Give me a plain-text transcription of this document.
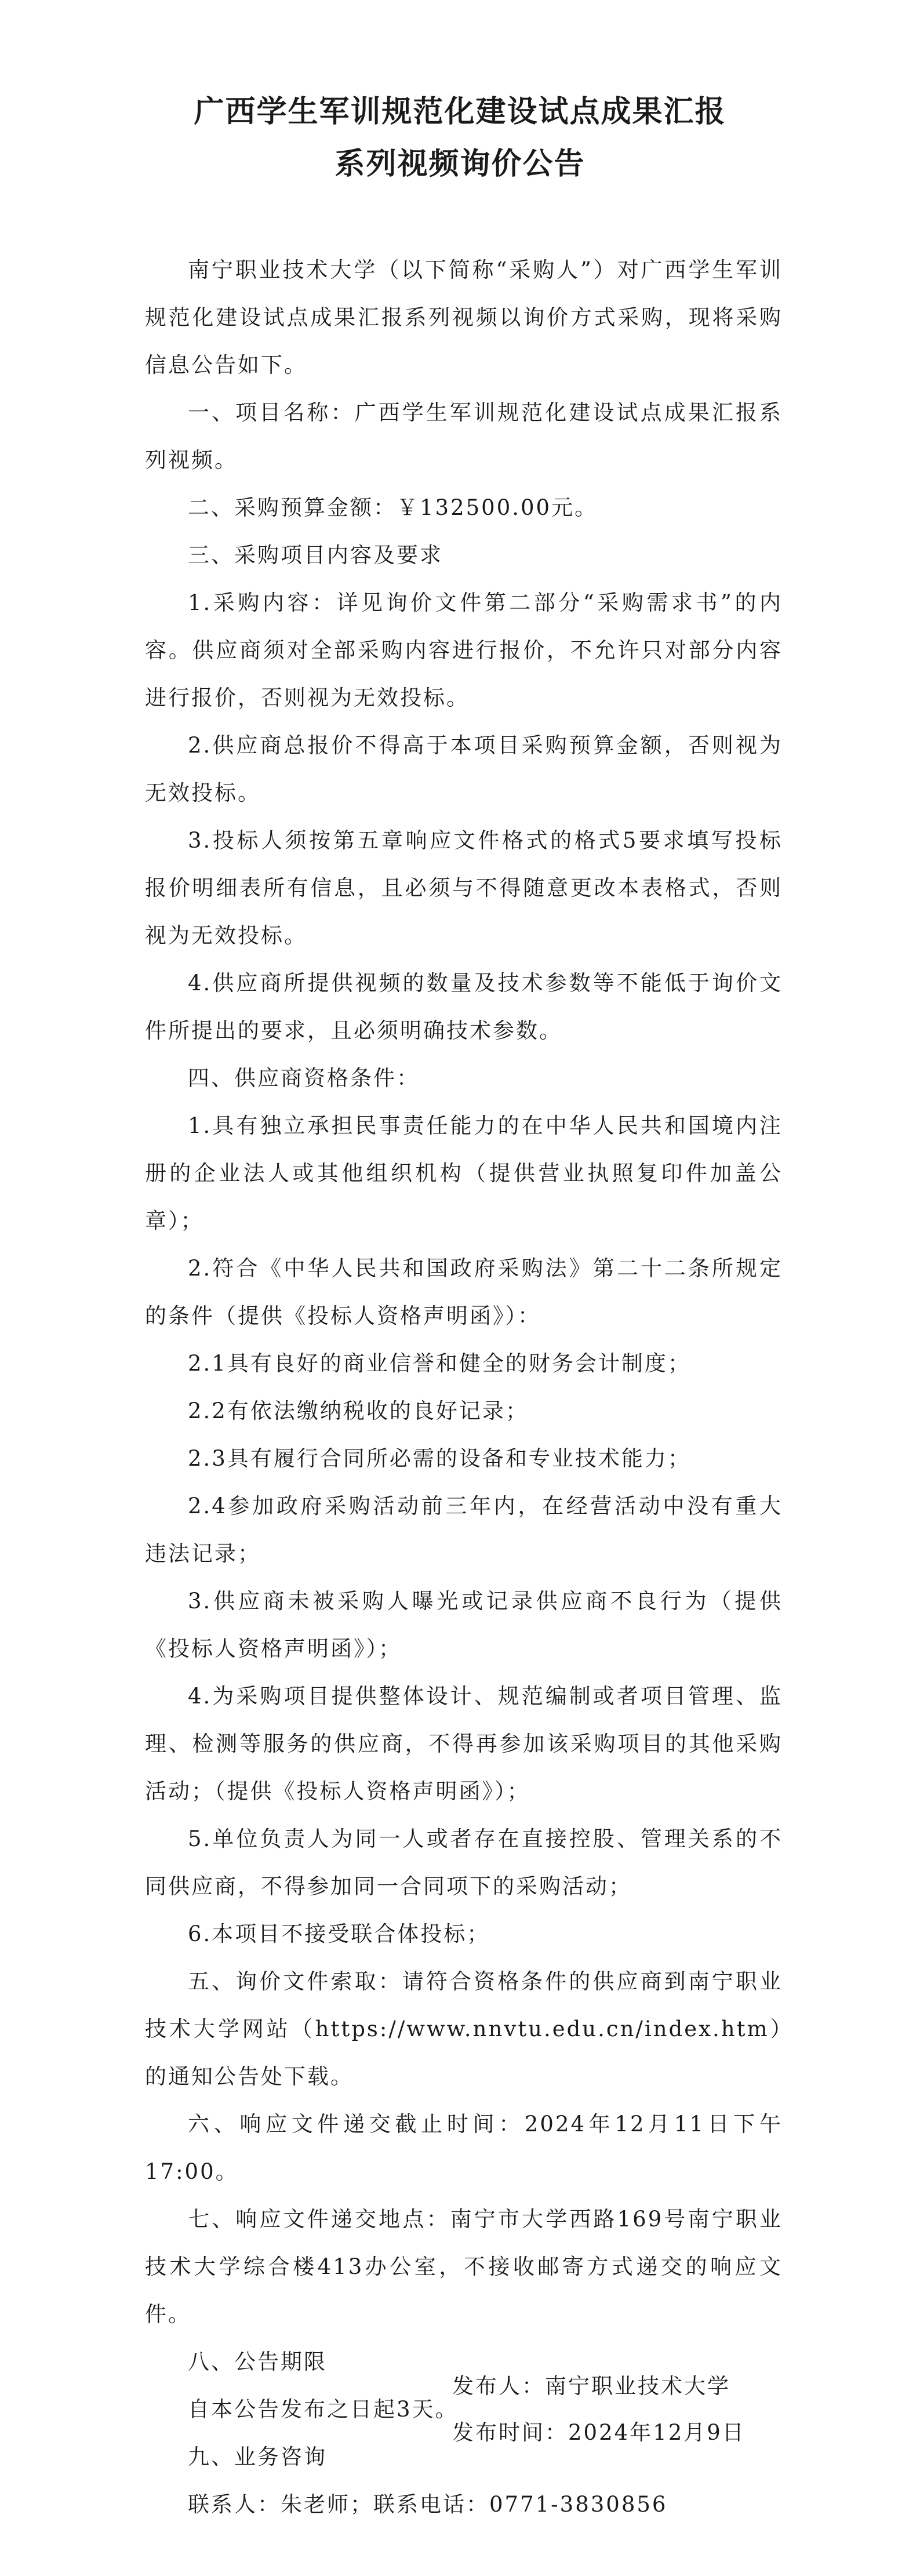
广西学生军训规范化建设试点成果汇报
系列视频询价公告

南宁职业技术大学（以下简称“采购人”）对广西学生军训规范化建设试点成果汇报系列视频以询价方式采购，现将采购信息公告如下。

一、项目名称：广西学生军训规范化建设试点成果汇报系列视频。

二、采购预算金额：￥132500.00元。

三、采购项目内容及要求

1.采购内容：详见询价文件第二部分“采购需求书”的内容。供应商须对全部采购内容进行报价，不允许只对部分内容进行报价，否则视为无效投标。

2.供应商总报价不得高于本项目采购预算金额，否则视为无效投标。

3.投标人须按第五章响应文件格式的格式5要求填写投标报价明细表所有信息，且必须与不得随意更改本表格式，否则视为无效投标。

4.供应商所提供视频的数量及技术参数等不能低于询价文件所提出的要求，且必须明确技术参数。

四、供应商资格条件：

1.具有独立承担民事责任能力的在中华人民共和国境内注册的企业法人或其他组织机构（提供营业执照复印件加盖公章）；

2.符合《中华人民共和国政府采购法》第二十二条所规定的条件（提供《投标人资格声明函》）：

2.1具有良好的商业信誉和健全的财务会计制度；

2.2有依法缴纳税收的良好记录；

2.3具有履行合同所必需的设备和专业技术能力；

2.4参加政府采购活动前三年内，在经营活动中没有重大违法记录；

3.供应商未被采购人曝光或记录供应商不良行为（提供《投标人资格声明函》）；

4.为采购项目提供整体设计、规范编制或者项目管理、监理、检测等服务的供应商，不得再参加该采购项目的其他采购活动；（提供《投标人资格声明函》）；

5.单位负责人为同一人或者存在直接控股、管理关系的不同供应商，不得参加同一合同项下的采购活动；

6.本项目不接受联合体投标；

五、询价文件索取：请符合资格条件的供应商到南宁职业技术大学网站（https://www.nnvtu.edu.cn/index.htm）的通知公告处下载。

六、响应文件递交截止时间：2024年12月11日下午17:00。

七、响应文件递交地点：南宁市大学西路169号南宁职业技术大学综合楼413办公室，不接收邮寄方式递交的响应文件。

八、公告期限

自本公告发布之日起3天。

九、业务咨询

联系人：朱老师；联系电话：0771-3830856

发布人：南宁职业技术大学
发布时间：2024年12月9日
